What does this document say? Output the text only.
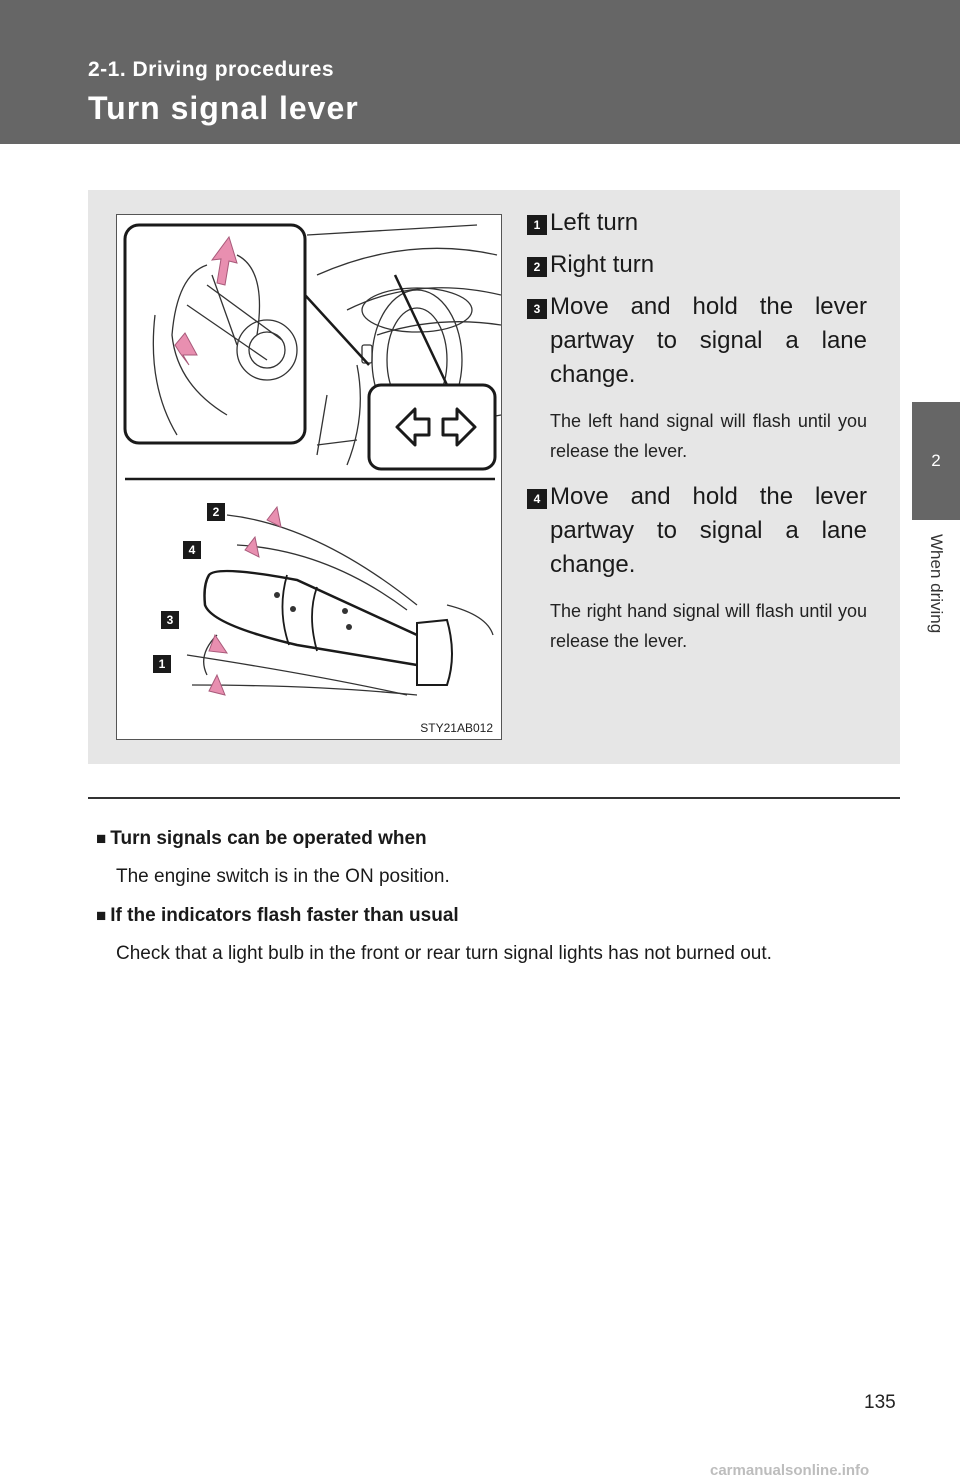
2-1. Driving procedures
Turn signal lever
2
When driving
2
4
3
1
STY21AB012
1 Left turn
2 Right turn
3 Move and hold the lever partway to signal a lane change.
The left hand signal will flash until you release the lever.
4 Move and hold the lever partway to signal a lane change.
The right hand signal will flash until you release the lever.
■ Turn signals can be operated when
The engine switch is in the ON position.
■ If the indicators flash faster than usual
Check that a light bulb in the front or rear turn signal lights has not burned out.
135
carmanualsonline.info
